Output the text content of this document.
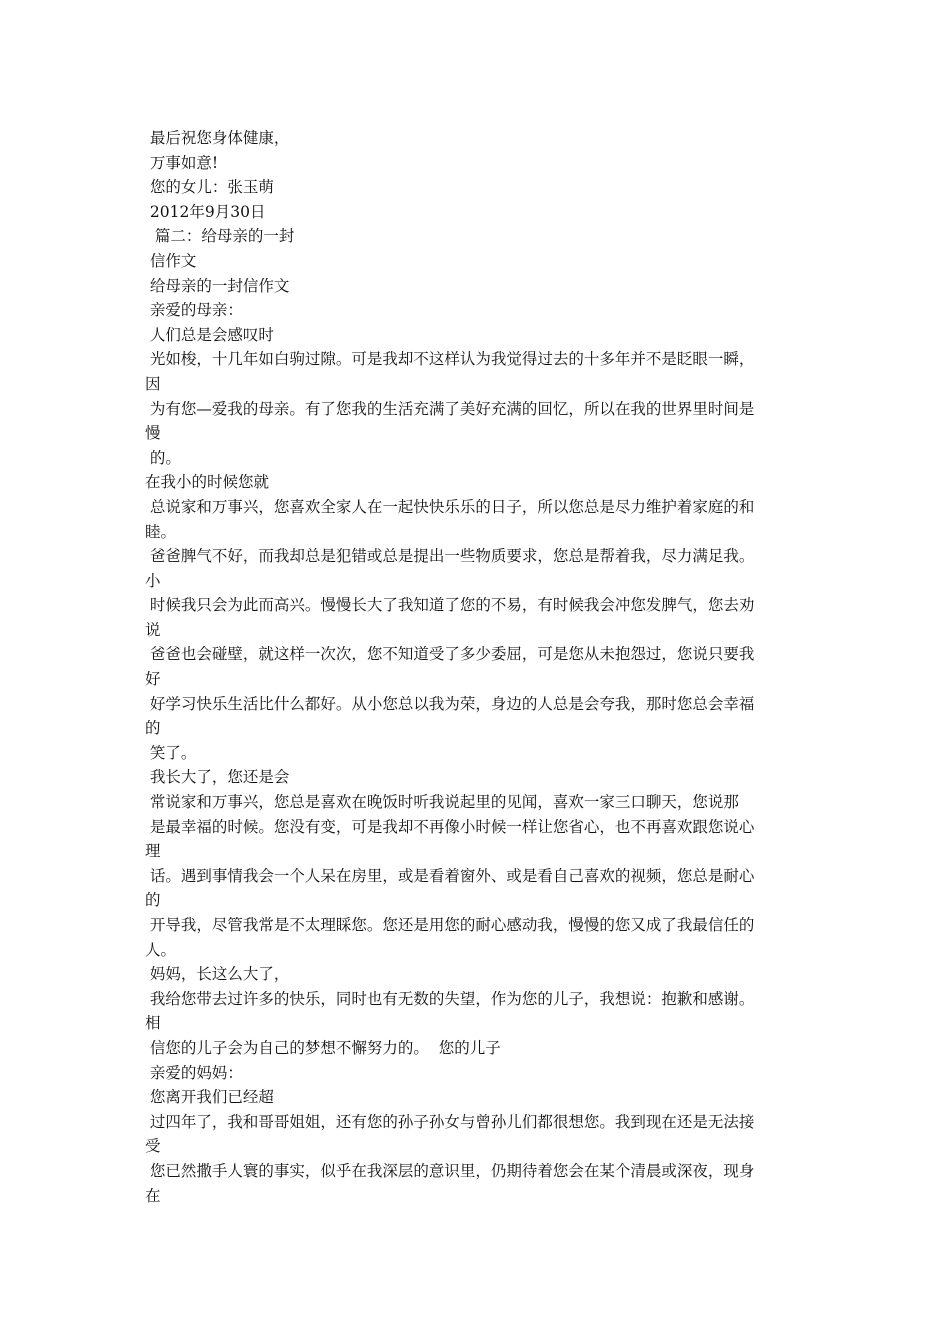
最后祝您身体健康，
万事如意!
您的女儿：张玉萌
2012年9月30日
篇二：给母亲的一封
信作文
给母亲的一封信作文
亲爱的母亲：
人们总是会感叹时
光如梭，十几年如白驹过隙。可是我却不这样认为我觉得过去的十多年并不是眨眼一瞬，
因
为有您—爱我的母亲。有了您我的生活充满了美好充满的回忆，所以在我的世界里时间是
慢
的。
在我小的时候您就
总说家和万事兴，您喜欢全家人在一起快快乐乐的日子，所以您总是尽力维护着家庭的和
睦。
爸爸脾气不好，而我却总是犯错或总是提出一些物质要求，您总是帮着我，尽力满足我。
小
时候我只会为此而高兴。慢慢长大了我知道了您的不易，有时候我会冲您发脾气，您去劝
说
爸爸也会碰壁，就这样一次次，您不知道受了多少委屈，可是您从未抱怨过，您说只要我
好
好学习快乐生活比什么都好。从小您总以我为荣，身边的人总是会夸我，那时您总会幸福
的
笑了。
我长大了，您还是会
常说家和万事兴，您总是喜欢在晚饭时听我说起里的见闻，喜欢一家三口聊天，您说那
是最幸福的时候。您没有变，可是我却不再像小时候一样让您省心，也不再喜欢跟您说心
理
话。遇到事情我会一个人呆在房里，或是看着窗外、或是看自己喜欢的视频，您总是耐心
的
开导我，尽管我常是不太理睬您。您还是用您的耐心感动我，慢慢的您又成了我最信任的
人。
妈妈，长这么大了，
我给您带去过许多的快乐，同时也有无数的失望，作为您的儿子，我想说：抱歉和感谢。
相
信您的儿子会为自己的梦想不懈努力的。  您的儿子
亲爱的妈妈：
您离开我们已经超
过四年了，我和哥哥姐姐，还有您的孙子孙女与曾孙儿们都很想您。我到现在还是无法接
受
您已然撒手人寰的事实，似乎在我深层的意识里，仍期待着您会在某个清晨或深夜，现身
在
